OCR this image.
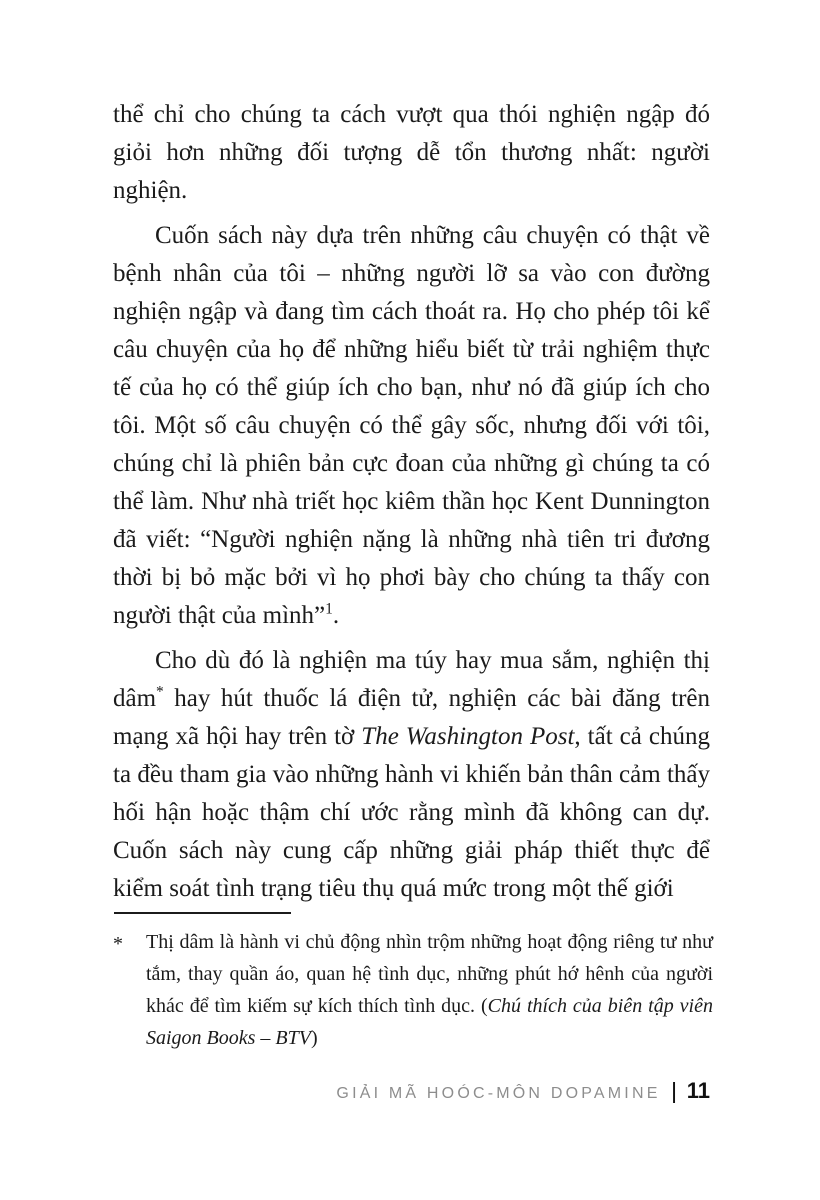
thể chỉ cho chúng ta cách vượt qua thói nghiện ngập đó giỏi hơn những đối tượng dễ tổn thương nhất: người nghiện.

Cuốn sách này dựa trên những câu chuyện có thật về bệnh nhân của tôi – những người lỡ sa vào con đường nghiện ngập và đang tìm cách thoát ra. Họ cho phép tôi kể câu chuyện của họ để những hiểu biết từ trải nghiệm thực tế của họ có thể giúp ích cho bạn, như nó đã giúp ích cho tôi. Một số câu chuyện có thể gây sốc, nhưng đối với tôi, chúng chỉ là phiên bản cực đoan của những gì chúng ta có thể làm. Như nhà triết học kiêm thần học Kent Dunnington đã viết: “Người nghiện nặng là những nhà tiên tri đương thời bị bỏ mặc bởi vì họ phơi bày cho chúng ta thấy con người thật của mình”$^1$.

Cho dù đó là nghiện ma túy hay mua sắm, nghiện thị dâm* hay hút thuốc lá điện tử, nghiện các bài đăng trên mạng xã hội hay trên tờ The Washington Post, tất cả chúng ta đều tham gia vào những hành vi khiến bản thân cảm thấy hối hận hoặc thậm chí ước rằng mình đã không can dự. Cuốn sách này cung cấp những giải pháp thiết thực để kiểm soát tình trạng tiêu thụ quá mức trong một thế giới

*	Thị dâm là hành vi chủ động nhìn trộm những hoạt động riêng tư như tắm, thay quần áo, quan hệ tình dục, những phút hớ hênh của người khác để tìm kiếm sự kích thích tình dục. (Chú thích của biên tập viên Saigon Books – BTV)
GIẢI MÃ HOÓC-MÔN DOPAMINE | 11
